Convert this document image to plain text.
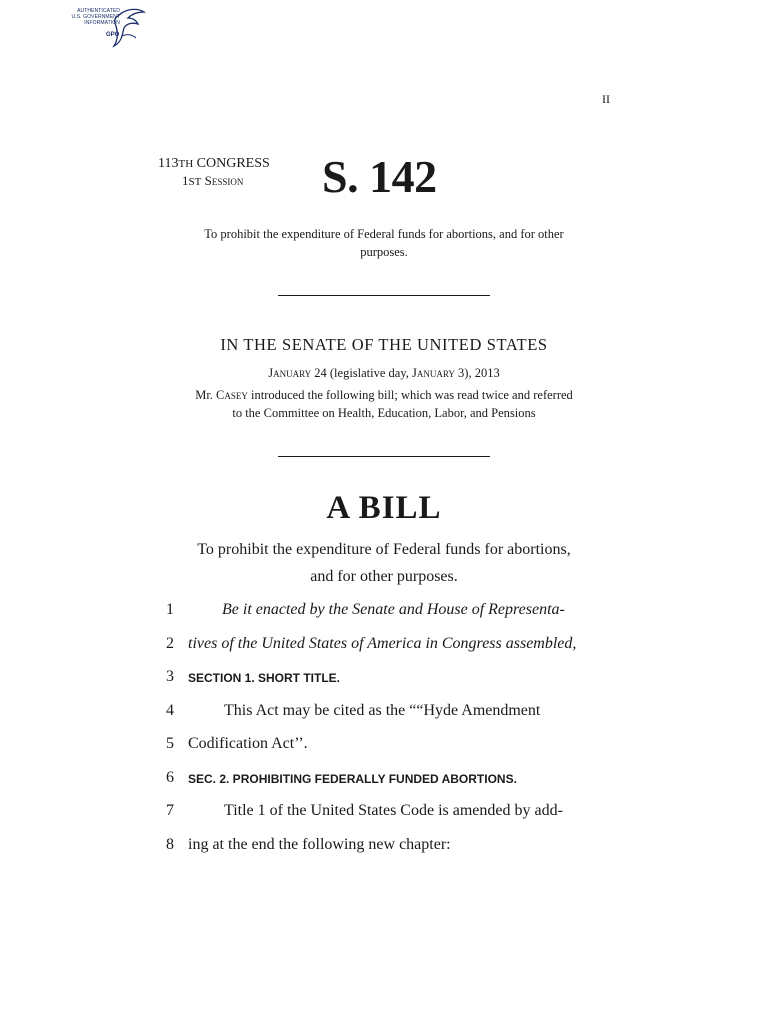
AUTHENTICATED
U.S. GOVERNMENT
INFORMATION
GPO
II
113TH CONGRESS
1ST Session S. 142
To prohibit the expenditure of Federal funds for abortions, and for other
purposes.
IN THE SENATE OF THE UNITED STATES
January 24 (legislative day, January 3), 2013
Mr. Casey introduced the following bill; which was read twice and referred
to the Committee on Health, Education, Labor, and Pensions
A BILL
To prohibit the expenditure of Federal funds for abortions,
and for other purposes.
1	Be it enacted by the Senate and House of Representa-
2 tives of the United States of America in Congress assembled,
3	SECTION 1. SHORT TITLE.
4	This Act may be cited as the ““Hyde Amendment
5 Codification Act’’.
6	SEC. 2. PROHIBITING FEDERALLY FUNDED ABORTIONS.
7	Title 1 of the United States Code is amended by add-
8 ing at the end the following new chapter:
